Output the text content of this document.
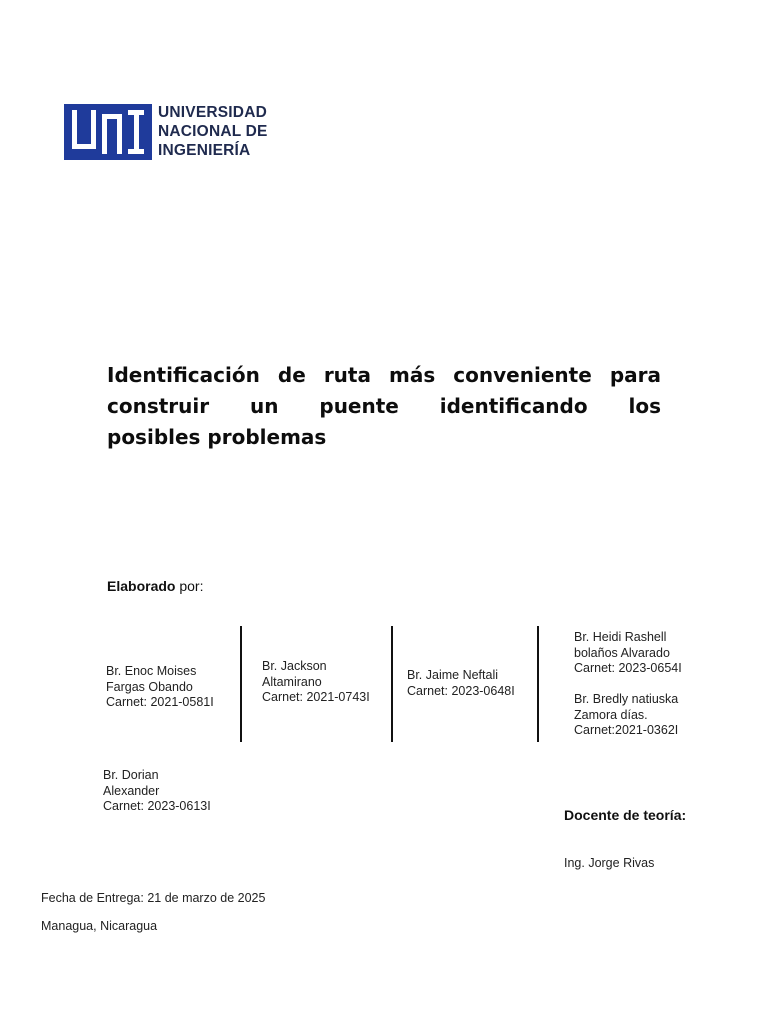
UNIVERSIDAD
NACIONAL DE
INGENIERÍA
Identificación de ruta más conveniente para
construir un puente identificando los
posibles problemas
Elaborado por:
Br. Enoc Moises
Fargas Obando
Carnet: 2021-0581I
Br. Jackson
Altamirano
Carnet: 2021-0743I
Br. Jaime Neftali
Carnet: 2023-0648I
Br. Heidi Rashell
bolaños Alvarado
Carnet: 2023-0654I
Br. Bredly natiuska
Zamora días.
Carnet:2021-0362I
Br. Dorian
Alexander
Carnet: 2023-0613I
Docente de teoría:
Ing. Jorge Rivas
Fecha de Entrega: 21 de marzo de 2025
Managua, Nicaragua
